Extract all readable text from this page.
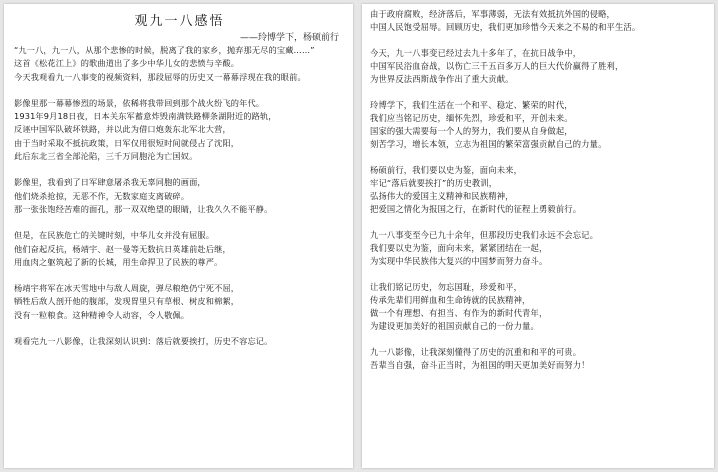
观九一八感悟
——玲博学下，杨硕前行
“九一八，九一八，从那个悲惨的时候，脱离了我的家乡，抛弃那无尽的宝藏……”
这首《松花江上》的歌曲道出了多少中华儿女的悲愤与辛酸。
今天我观看九一八事变的视频资料，那段屈辱的历史又一幕幕浮现在我的眼前。
影像里那一幕幕惨烈的场景，依稀将我带回到那个战火纷飞的年代。
1931年9月18日夜，日本关东军蓄意炸毁南满铁路柳条湖附近的路轨，
反诬中国军队破坏铁路，并以此为借口炮轰东北军北大营，
由于当时采取不抵抗政策，日军仅用很短时间就侵占了沈阳，
此后东北三省全部沦陷，三千万同胞沦为亡国奴。
影像里，我看到了日军肆意屠杀我无辜同胞的画面，
他们烧杀抢掠，无恶不作，无数家庭支离破碎。
那一张张饱经苦难的面孔，那一双双绝望的眼睛，让我久久不能平静。
但是，在民族危亡的关键时刻，中华儿女并没有屈服。
他们奋起反抗，杨靖宇、赵一曼等无数抗日英雄前赴后继，
用血肉之躯筑起了新的长城，用生命捍卫了民族的尊严。
杨靖宇将军在冰天雪地中与敌人周旋，弹尽粮绝仍宁死不屈，
牺牲后敌人剖开他的腹部，发现胃里只有草根、树皮和棉絮，
没有一粒粮食。这种精神令人动容，令人敬佩。
观看完九一八影像，让我深刻认识到：落后就要挨打，历史不容忘记。
由于政府腐败，经济落后，军事薄弱，无法有效抵抗外国的侵略，
中国人民饱受屈辱。回顾历史，我们更加珍惜今天来之不易的和平生活。
今天，九一八事变已经过去九十多年了，在抗日战争中，
中国军民浴血奋战，以伤亡三千五百多万人的巨大代价赢得了胜利，
为世界反法西斯战争作出了重大贡献。
玲博学下，我们生活在一个和平、稳定、繁荣的时代，
我们应当铭记历史，缅怀先烈，珍爱和平，开创未来。
国家的强大需要每一个人的努力，我们要从自身做起，
刻苦学习，增长本领，立志为祖国的繁荣富强贡献自己的力量。
杨硕前行，我们要以史为鉴，面向未来，
牢记“落后就要挨打”的历史教训，
弘扬伟大的爱国主义精神和民族精神，
把爱国之情化为报国之行，在新时代的征程上勇毅前行。
九一八事变至今已九十余年，但那段历史我们永远不会忘记。
我们要以史为鉴，面向未来，紧紧团结在一起，
为实现中华民族伟大复兴的中国梦而努力奋斗。
让我们铭记历史，勿忘国耻，珍爱和平，
传承先辈们用鲜血和生命铸就的民族精神，
做一个有理想、有担当、有作为的新时代青年，
为建设更加美好的祖国贡献自己的一份力量。
九一八影像，让我深刻懂得了历史的沉重和和平的可贵。
吾辈当自强，奋斗正当时，为祖国的明天更加美好而努力！
